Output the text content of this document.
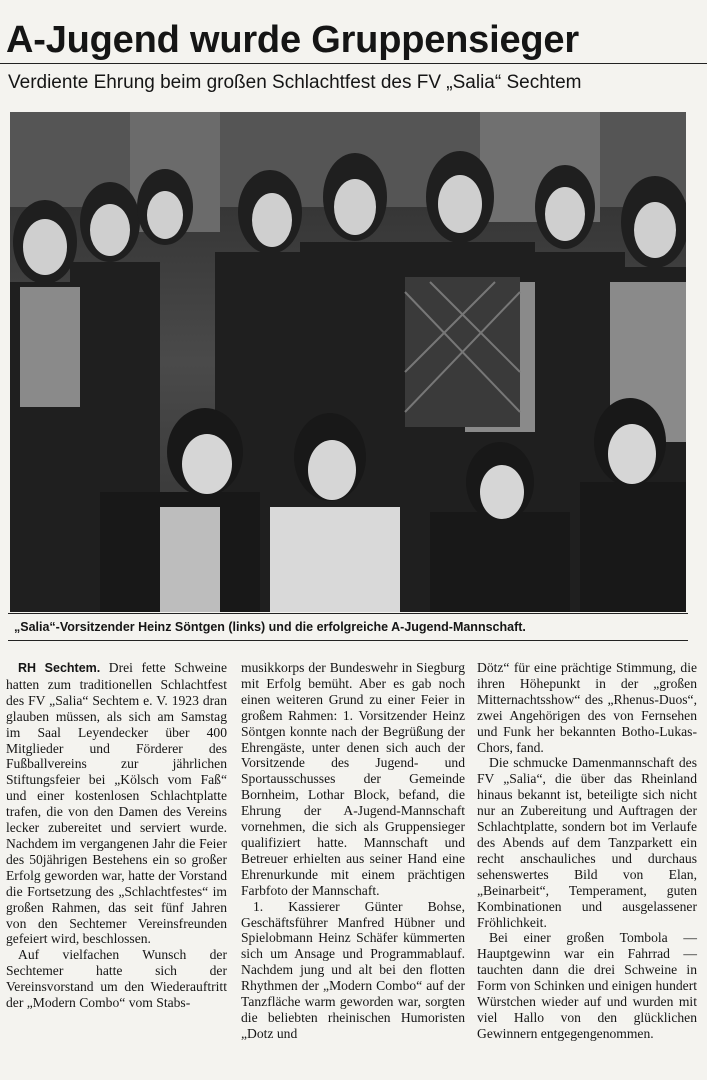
A-Jugend wurde Gruppensieger
Verdiente Ehrung beim großen Schlachtfest des FV „Salia“ Sechtem
„Salia“-Vorsitzender Heinz Söntgen (links) und die erfolgreiche A-Jugend-Mannschaft.

RH Sechtem. Drei fette Schweine hatten zum traditionellen Schlachtfest des FV „Salia“ Sechtem e. V. 1923 dran glauben müssen, als sich am Samstag im Saal Leyendecker über 400 Mitglieder und Förderer des Fußballvereins zur jährlichen Stiftungsfeier bei „Kölsch vom Faß“ und einer kostenlosen Schlachtplatte trafen, die von den Damen des Vereins lecker zubereitet und serviert wurde. Nachdem im vergangenen Jahr die Feier des 50jährigen Bestehens ein so großer Erfolg geworden war, hatte der Vorstand die Fortsetzung des „Schlachtfestes“ im großen Rahmen, das seit fünf Jahren von den Sechtemer Vereinsfreunden gefeiert wird, beschlossen.

Auf vielfachen Wunsch der Sechtemer hatte sich der Vereinsvorstand um den Wiederauftritt der „Modern Combo“ vom Stabs-

musikkorps der Bundeswehr in Siegburg mit Erfolg bemüht. Aber es gab noch einen weiteren Grund zu einer Feier in großem Rahmen: 1. Vorsitzender Heinz Söntgen konnte nach der Begrüßung der Ehrengäste, unter denen sich auch der Vorsitzende des Jugend- und Sportausschusses der Gemeinde Bornheim, Lothar Block, befand, die Ehrung der A-Jugend-Mannschaft vornehmen, die sich als Gruppensieger qualifiziert hatte. Mannschaft und Betreuer erhielten aus seiner Hand eine Ehrenurkunde mit einem prächtigen Farbfoto der Mannschaft.

1. Kassierer Günter Bohse, Geschäftsführer Manfred Hübner und Spielobmann Heinz Schäfer kümmerten sich um Ansage und Programmablauf. Nachdem jung und alt bei den flotten Rhythmen der „Modern Combo“ auf der Tanzfläche warm geworden war, sorgten die beliebten rheinischen Humoristen „Dotz und

Dötz“ für eine prächtige Stimmung, die ihren Höhepunkt in der „großen Mitternachtsshow“ des „Rhenus-Duos“, zwei Angehörigen des von Fernsehen und Funk her bekannten Botho-Lukas-Chors, fand.

Die schmucke Damenmannschaft des FV „Salia“, die über das Rheinland hinaus bekannt ist, beteiligte sich nicht nur an Zubereitung und Auftragen der Schlachtplatte, sondern bot im Verlaufe des Abends auf dem Tanzparkett ein recht anschauliches und durchaus sehenswertes Bild von Elan, „Beinarbeit“, Temperament, guten Kombinationen und ausgelassener Fröhlichkeit.

Bei einer großen Tombola — Hauptgewinn war ein Fahrrad — tauchten dann die drei Schweine in Form von Schinken und einigen hundert Würstchen wieder auf und wurden mit viel Hallo von den glücklichen Gewinnern entgegengenommen.
